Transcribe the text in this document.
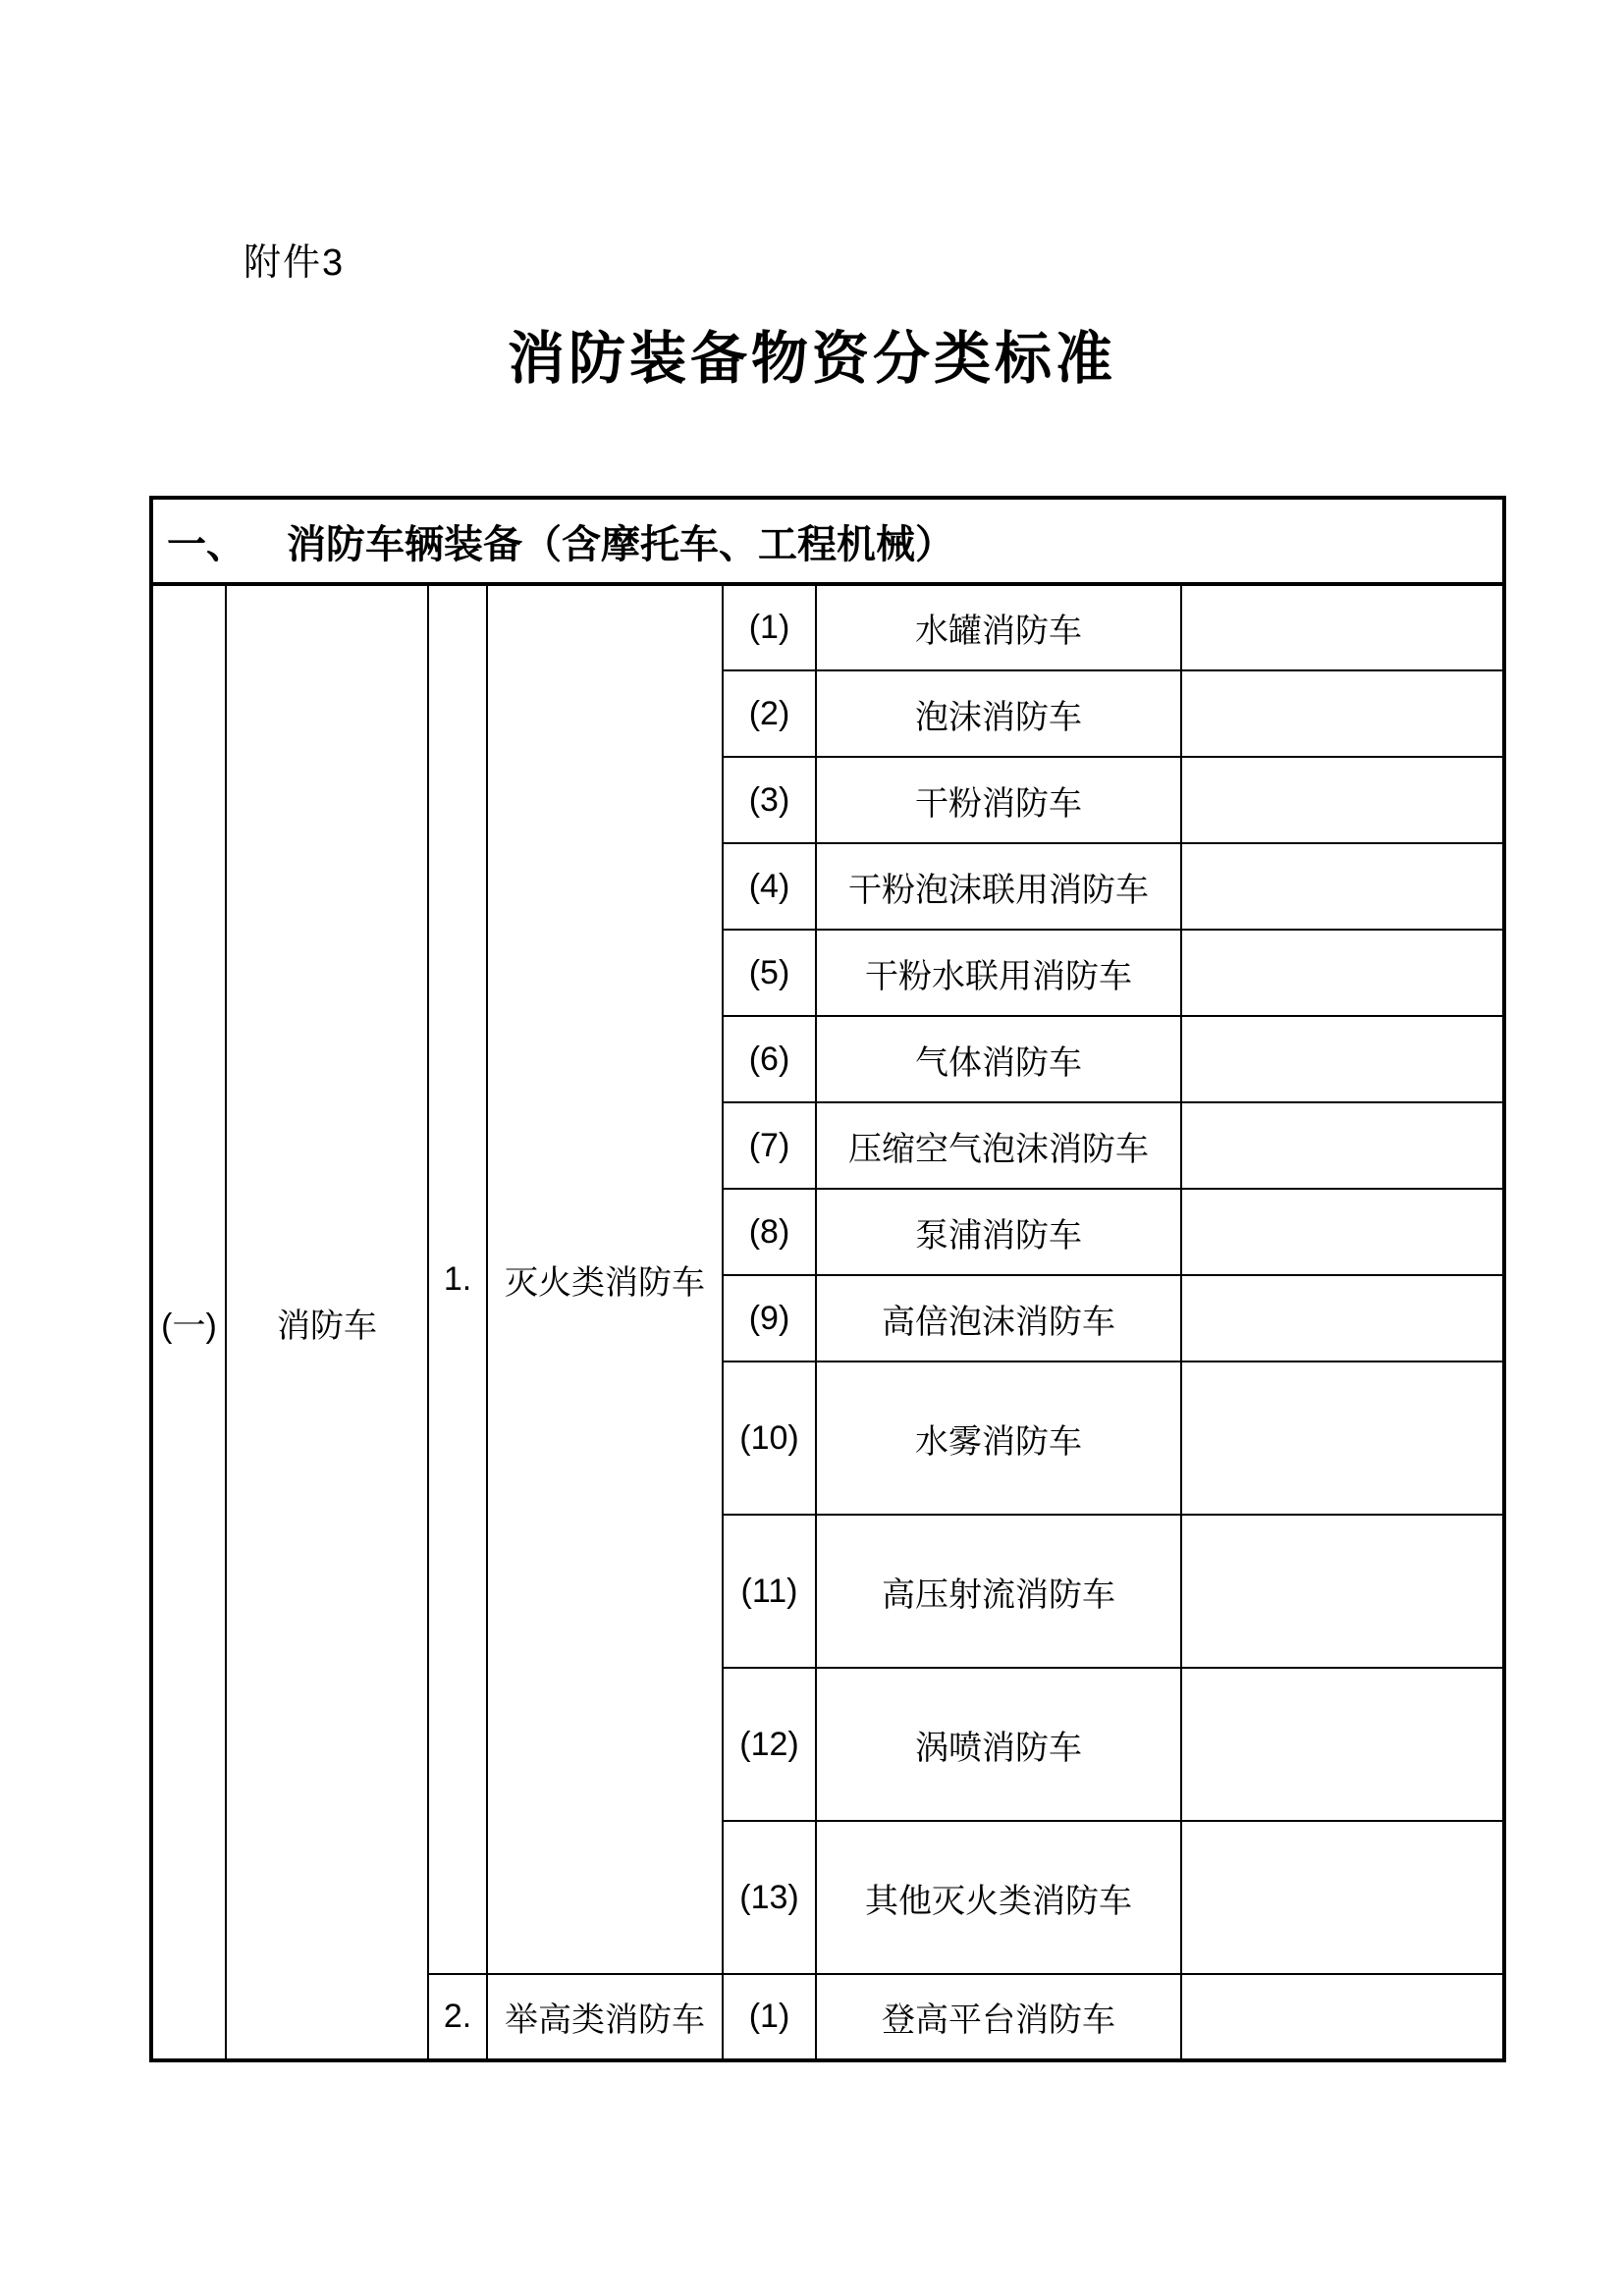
附件3
消防装备物资分类标准
一、 消防车辆装备（含摩托车、工程机械）						

(一)	消防车	1.	灭火类消防车	(1)	水罐消防车	
				(2)	泡沫消防车	
				(3)	干粉消防车	
				(4)	干粉泡沫联用消防车	
				(5)	干粉水联用消防车	
				(6)	气体消防车	
				(7)	压缩空气泡沫消防车	
				(8)	泵浦消防车	
				(9)	高倍泡沫消防车	
				(10)	水雾消防车	
				(11)	高压射流消防车	
				(12)	涡喷消防车	
				(13)	其他灭火类消防车	
		2.	举高类消防车	(1)	登高平台消防车	
